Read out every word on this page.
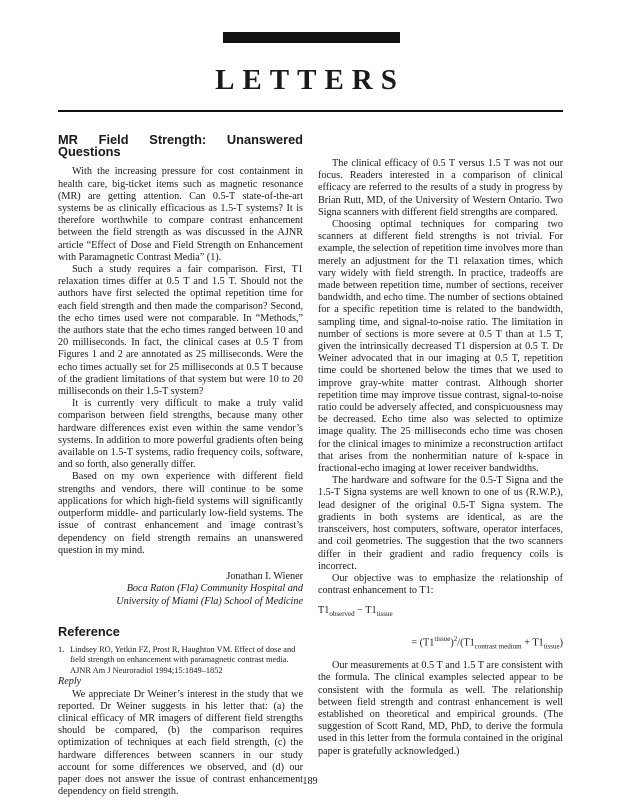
LETTERS
MR Field Strength: Unanswered Questions

With the increasing pressure for cost containment in health care, big-ticket items such as magnetic resonance (MR) are getting attention. Can 0.5-T state-of-the-art systems be as clinically efficacious as 1.5-T systems? It is therefore worthwhile to compare contrast enhancement between the field strength as was discussed in the AJNR article “Effect of Dose and Field Strength on Enhancement with Paramagnetic Contrast Media” (1).

Such a study requires a fair comparison. First, T1 relaxation times differ at 0.5 T and 1.5 T. Should not the authors have first selected the optimal repetition time for each field strength and then made the comparison? Second, the echo times used were not comparable. In “Methods,” the authors state that the echo times ranged between 10 and 20 milliseconds. In fact, the clinical cases at 0.5 T from Figures 1 and 2 are annotated as 25 milliseconds. Were the echo times actually set for 25 milliseconds at 0.5 T because of the gradient limitations of that system but were 10 to 20 milliseconds on their 1.5-T system?

It is currently very difficult to make a truly valid comparison between field strengths, because many other hardware differences exist even within the same vendor’s systems. In addition to more powerful gradients often being available on 1.5-T systems, radio frequency coils, software, and so forth, also generally differ.

Based on my own experience with different field strengths and vendors, there will continue to be some applications for which high-field systems will significantly outperform middle- and particularly low-field systems. The issue of contrast enhancement and image contrast’s dependency on field strength remains an unanswered question in my mind.

Jonathan I. Wiener
Boca Raton (Fla) Community Hospital and
University of Miami (Fla) School of Medicine
Reference
1. Lindsey RO, Yetkin FZ, Prost R, Haughton VM. Effect of dose and field strength on enhancement with paramagnetic contrast media. AJNR Am J Neuroradiol 1994;15:1849–1852

Reply

We appreciate Dr Weiner’s interest in the study that we reported. Dr Weiner suggests in his letter that: (a) the clinical efficacy of MR imagers of different field strengths should be compared, (b) the comparison requires optimization of techniques at each field strength, (c) the hardware differences between scanners in our study account for some differences we observed, and (d) our paper does not answer the issue of contrast enhancement dependency on field strength.

The clinical efficacy of 0.5 T versus 1.5 T was not our focus. Readers interested in a comparison of clinical efficacy are referred to the results of a study in progress by Brian Rutt, MD, of the University of Western Ontario. Two Signa scanners with different field strengths are compared.

Choosing optimal techniques for comparing two scanners at different field strengths is not trivial. For example, the selection of repetition time involves more than merely an adjustment for the T1 relaxation times, which vary widely with field strength. In practice, tradeoffs are made between repetition time, number of sections, receiver bandwidth, and echo time. The number of sections obtained for a specific repetition time is related to the bandwidth, sampling time, and signal-to-noise ratio. The limitation in number of sections is more severe at 0.5 T than at 1.5 T, given the intrinsically decreased T1 dispersion at 0.5 T. Dr Weiner advocated that in our imaging at 0.5 T, repetition time could be shortened below the times that we used to improve gray-white matter contrast. Although shorter repetition time may improve tissue contrast, signal-to-noise ratio could be adversely affected, and conspicuousness may be decreased. Echo time also was selected to optimize image quality. The 25 milliseconds echo time was chosen for the clinical images to minimize a reconstruction artifact that arises from the nonhermitian nature of k-space in fractional-echo imaging at lower receiver bandwidths.

The hardware and software for the 0.5-T Signa and the 1.5-T Signa systems are well known to one of us (R.W.P.), lead designer of the original 0.5-T Signa system. The gradients in both systems are identical, as are the transceivers, host computers, software, operator interfaces, and coil geometries. The suggestion that the two scanners differ in their gradient and radio frequency coils is incorrect.

Our objective was to emphasize the relationship of contrast enhancement to T1:

$T1_{observed} - T1_{tissue}$
= $(T1^{tissue})^2/(T1_{contrast medium} + T1_{tissue})$

Our measurements at 0.5 T and 1.5 T are consistent with the formula. The clinical examples selected appear to be consistent with the formula as well. The relationship between field strength and contrast enhancement is well established on theoretical and empirical grounds. (The suggestion of Scott Rand, MD, PhD, to derive the formula used in this letter from the formula contained in the original paper is gratefully acknowledged.)

189
